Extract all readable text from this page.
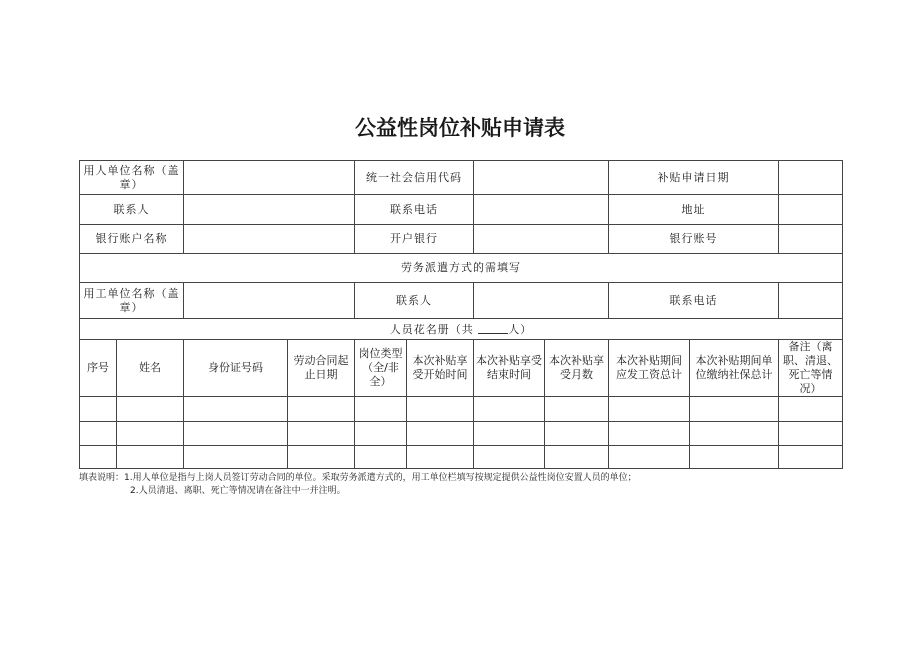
公益性岗位补贴申请表
用人单位名称（盖章）				统一社会信用代码				补贴申请日期		
联系人				联系电话				地址		
银行账户名称				开户银行				银行账号		
劳务派遣方式的需填写										
用工单位名称（盖章）				联系人				联系电话		
人员花名册（共 人）										
序号	姓名	身份证号码	劳动合同起止日期	岗位类型（全/非全）	本次补贴享受开始时间	本次补贴享受结束时间	本次补贴享受月数	本次补贴期间应发工资总计	本次补贴期间单位缴纳社保总计	备注（离职、清退、死亡等情况）

填表说明：1.用人单位是指与上岗人员签订劳动合同的单位。采取劳务派遣方式的，用工单位栏填写按规定提供公益性岗位安置人员的单位；
2.人员清退、离职、死亡等情况请在备注中一并注明。
